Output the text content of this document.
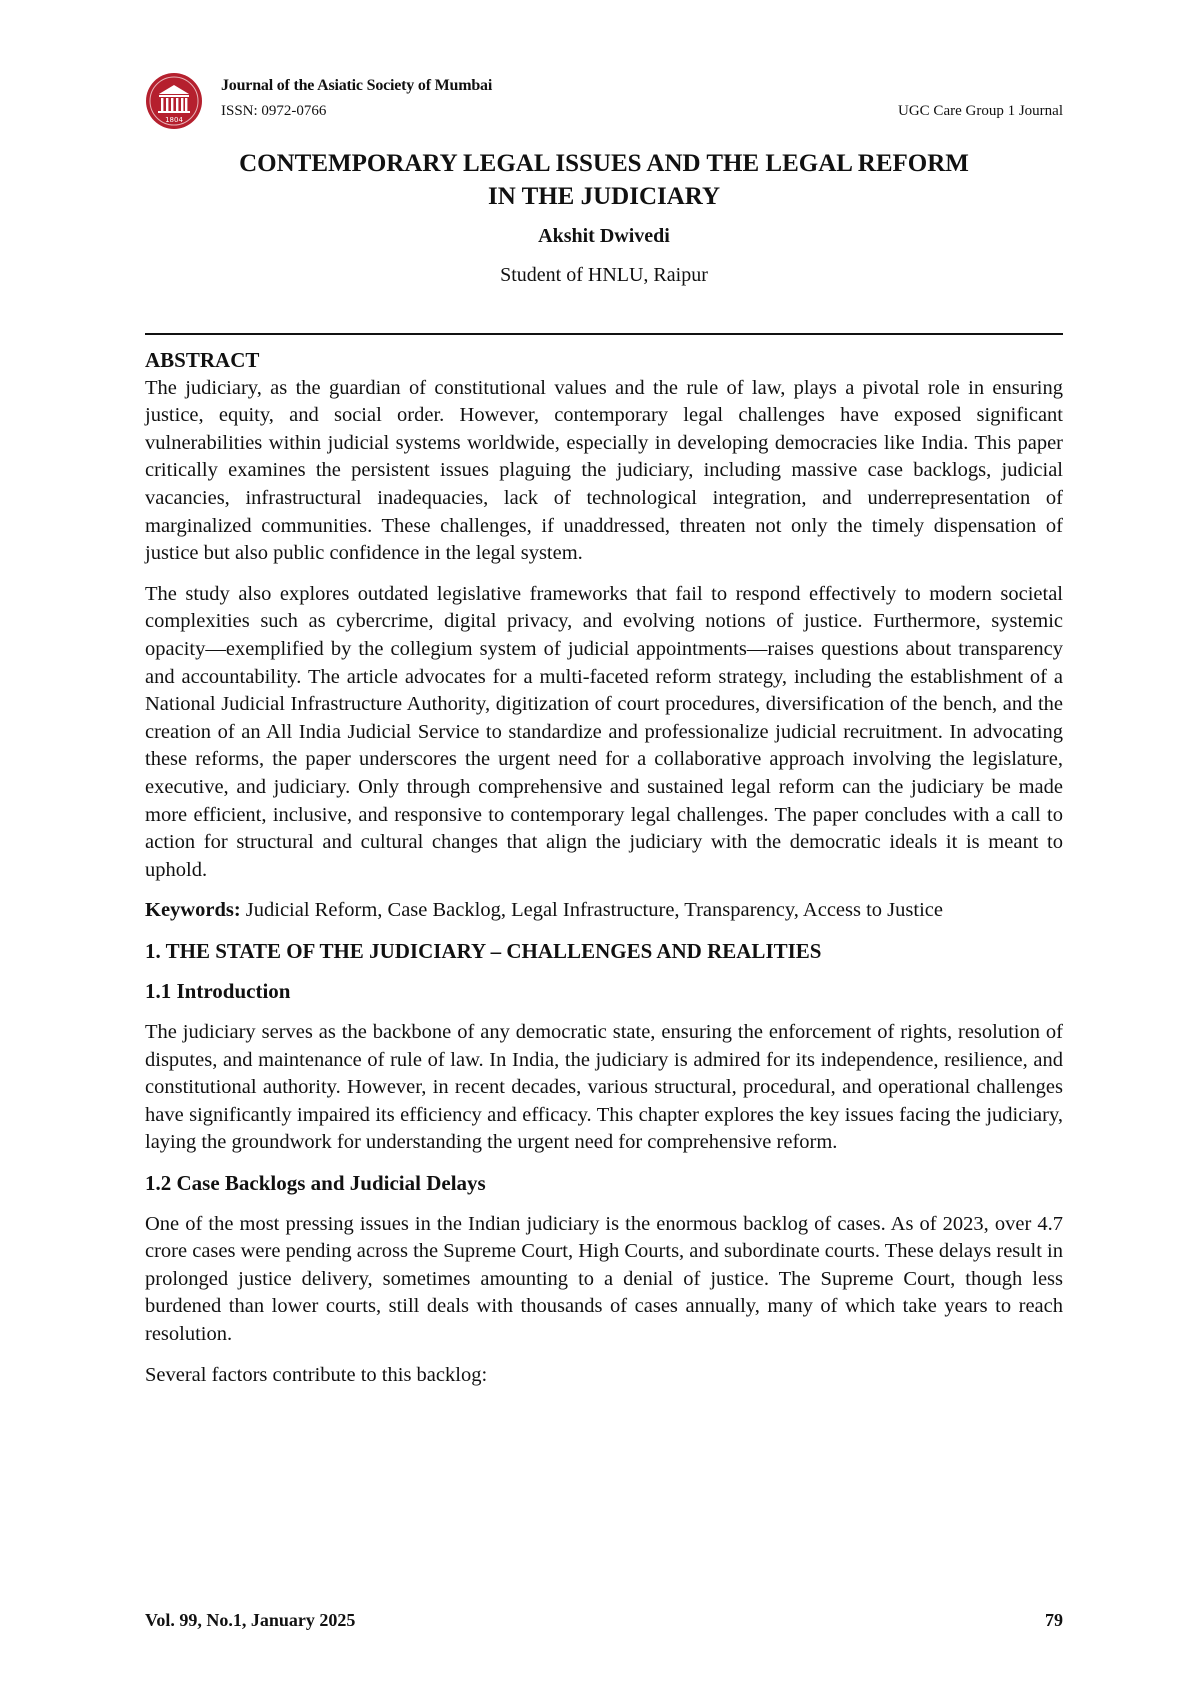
1804
Journal of the Asiatic Society of Mumbai
ISSN: 0972-0766	UGC Care Group 1 Journal
CONTEMPORARY LEGAL ISSUES AND THE LEGAL REFORM
IN THE JUDICIARY
Akshit Dwivedi
Student of HNLU, Raipur

ABSTRACT

The judiciary, as the guardian of constitutional values and the rule of law, plays a pivotal role in ensuring justice, equity, and social order. However, contemporary legal challenges have exposed significant vulnerabilities within judicial systems worldwide, especially in developing democracies like India. This paper critically examines the persistent issues plaguing the judiciary, including massive case backlogs, judicial vacancies, infrastructural inadequacies, lack of technological integration, and underrepresentation of marginalized communities. These challenges, if unaddressed, threaten not only the timely dispensation of justice but also public confidence in the legal system.

The study also explores outdated legislative frameworks that fail to respond effectively to modern societal complexities such as cybercrime, digital privacy, and evolving notions of justice. Furthermore, systemic opacity—exemplified by the collegium system of judicial appointments—raises questions about transparency and accountability. The article advocates for a multi-faceted reform strategy, including the establishment of a National Judicial Infrastructure Authority, digitization of court procedures, diversification of the bench, and the creation of an All India Judicial Service to standardize and professionalize judicial recruitment. In advocating these reforms, the paper underscores the urgent need for a collaborative approach involving the legislature, executive, and judiciary. Only through comprehensive and sustained legal reform can the judiciary be made more efficient, inclusive, and responsive to contemporary legal challenges. The paper concludes with a call to action for structural and cultural changes that align the judiciary with the democratic ideals it is meant to uphold.

Keywords: Judicial Reform, Case Backlog, Legal Infrastructure, Transparency, Access to Justice

1. THE STATE OF THE JUDICIARY – CHALLENGES AND REALITIES

1.1 Introduction

The judiciary serves as the backbone of any democratic state, ensuring the enforcement of rights, resolution of disputes, and maintenance of rule of law. In India, the judiciary is admired for its independence, resilience, and constitutional authority. However, in recent decades, various structural, procedural, and operational challenges have significantly impaired its efficiency and efficacy. This chapter explores the key issues facing the judiciary, laying the groundwork for understanding the urgent need for comprehensive reform.

1.2 Case Backlogs and Judicial Delays

One of the most pressing issues in the Indian judiciary is the enormous backlog of cases. As of 2023, over 4.7 crore cases were pending across the Supreme Court, High Courts, and subordinate courts. These delays result in prolonged justice delivery, sometimes amounting to a denial of justice. The Supreme Court, though less burdened than lower courts, still deals with thousands of cases annually, many of which take years to reach resolution.

Several factors contribute to this backlog:

Vol. 99, No.1, January 2025	79
